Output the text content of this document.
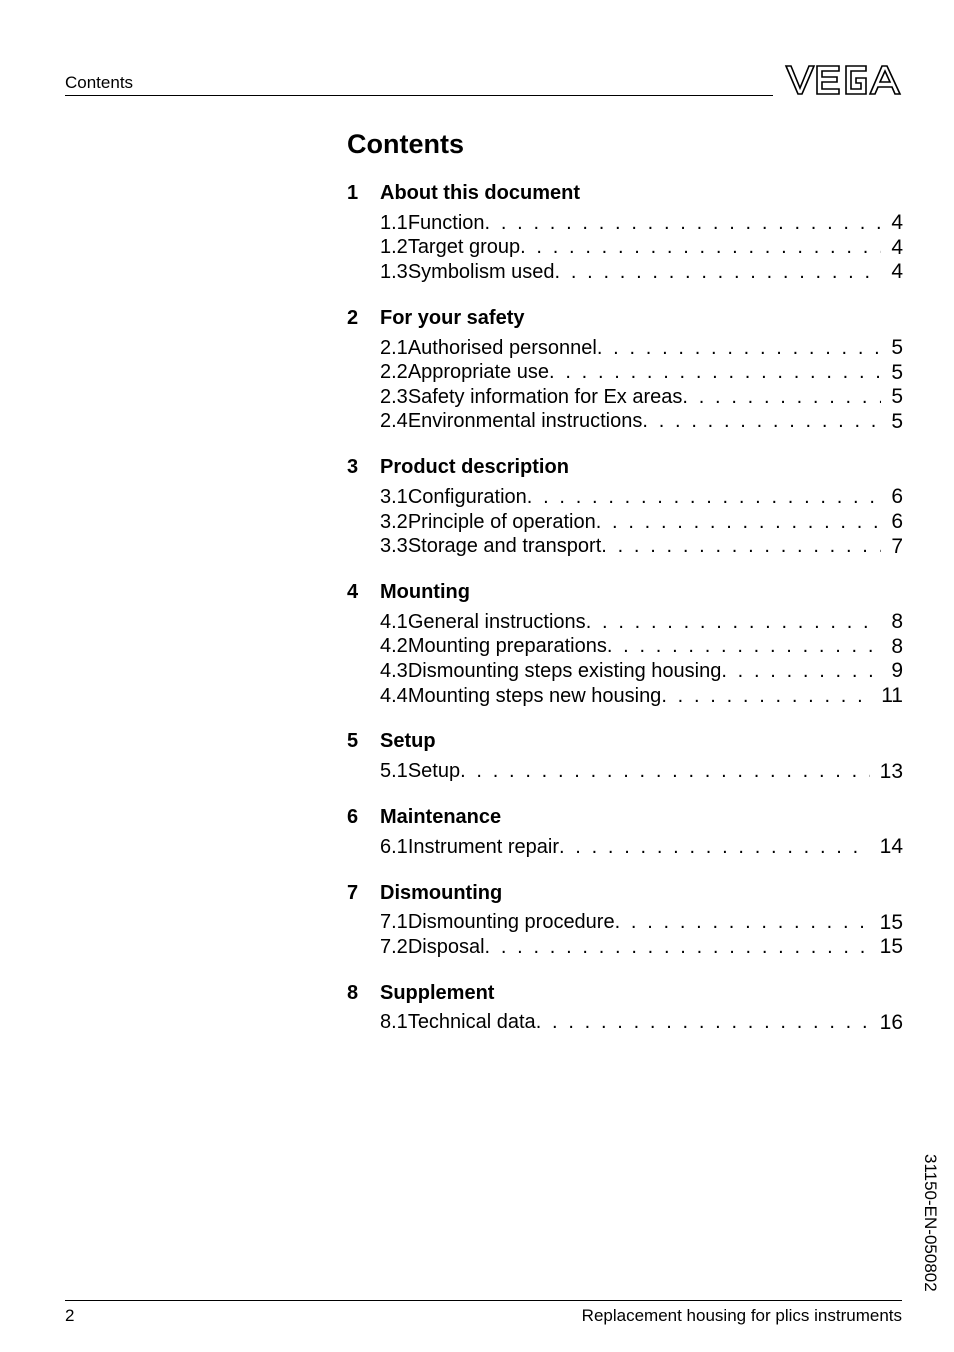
Contents
Contents
1	About this document
1.1 Function . . .	4
1.2 Target group . . .	4
1.3 Symbolism used . . .	4
2	For your safety
2.1 Authorised personnel . . .	5
2.2 Appropriate use . . .	5
2.3 Safety information for Ex areas . . .	5
2.4 Environmental instructions . . .	5
3	Product description
3.1 Configuration . . .	6
3.2 Principle of operation . . .	6
3.3 Storage and transport . . .	7
4	Mounting
4.1 General instructions . . .	8
4.2 Mounting preparations . . .	8
4.3 Dismounting steps existing housing . . .	9
4.4 Mounting steps new housing . . .	11
5	Setup
5.1 Setup . . .	13
6	Maintenance
6.1 Instrument repair . . .	14
7	Dismounting
7.1 Dismounting procedure . . .	15
7.2 Disposal . . .	15
8	Supplement
8.1 Technical data . . .	16
31150-EN-050802
2	Replacement housing for plics instruments
